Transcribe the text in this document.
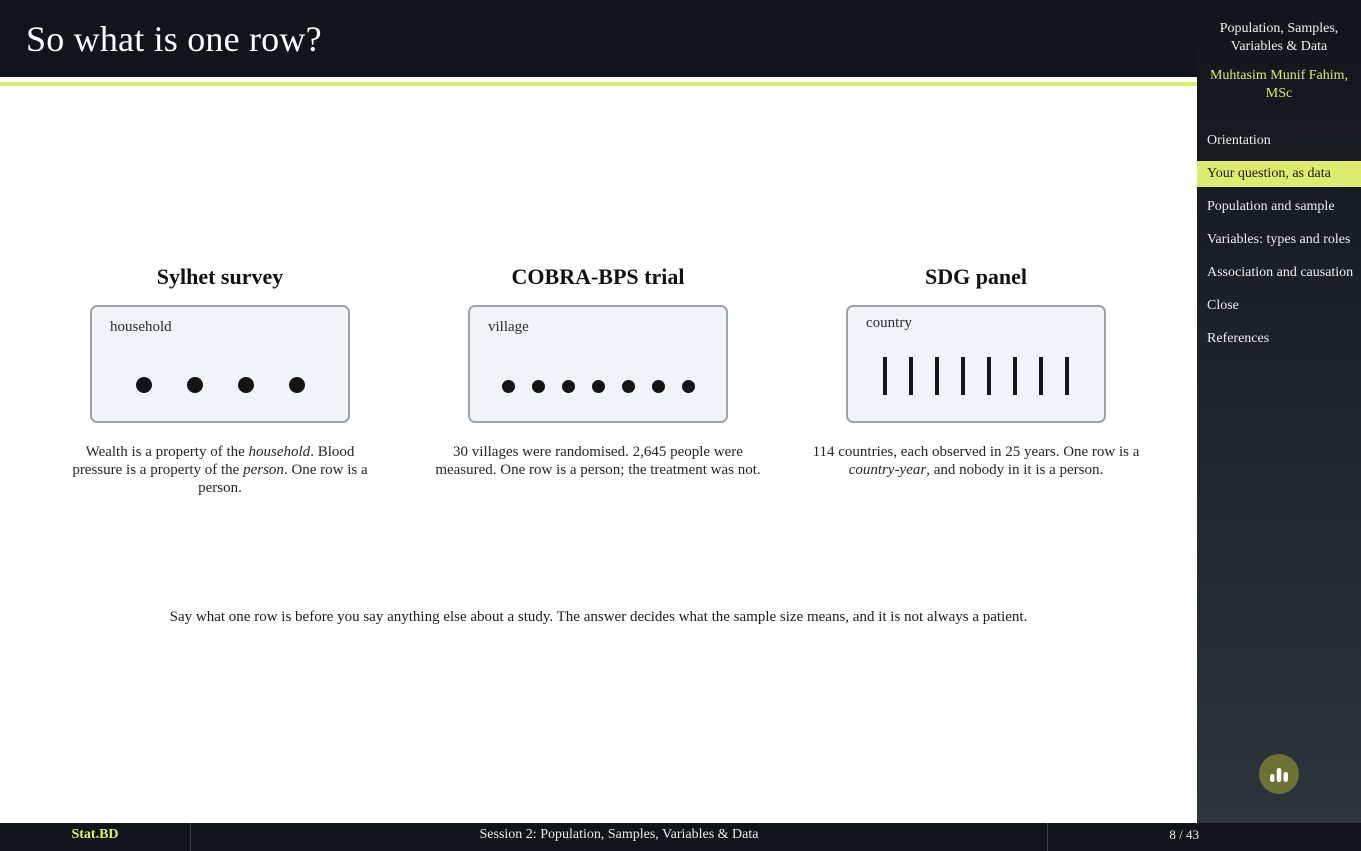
So what is one row?
Sylhet survey
household

Wealth is a property of the household. Blood pressure is a property of the person. One row is a person.

COBRA-BPS trial
village

30 villages were randomised. 2,645 people were measured. One row is a person; the treatment was not.

SDG panel
country

114 countries, each observed in 25 years. One row is a country-year, and nobody in it is a person.

Say what one row is before you say anything else about a study. The answer decides what the sample size means, and it is not always a patient.

Population, Samples, Variables & Data
Muhtasim Munif Fahim, MSc
Orientation
Your question, as data
Population and sample
Variables: types and roles
Association and causation
Close
References
Stat.BD	Session 2: Population, Samples, Variables & Data	8 / 43
